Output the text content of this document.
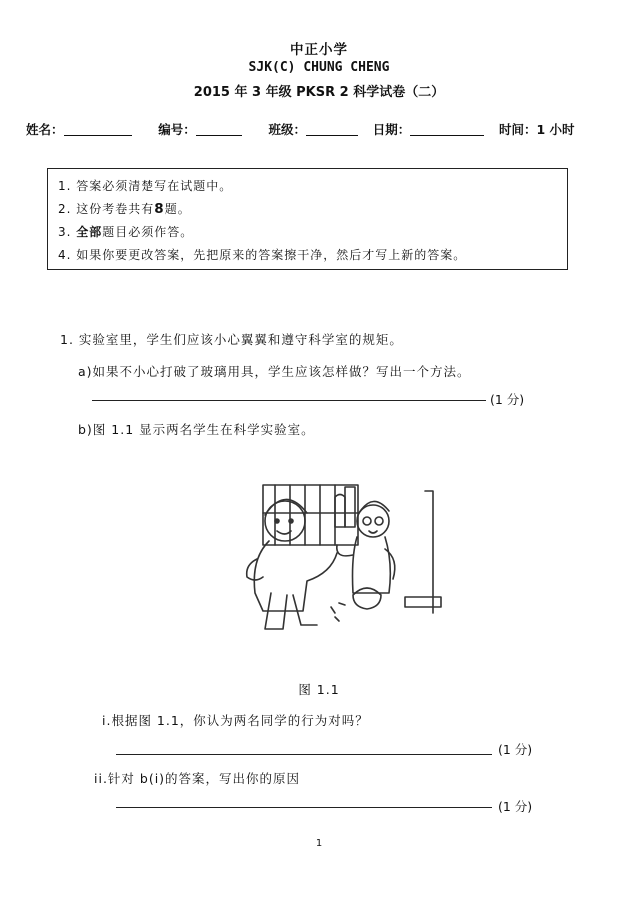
中正小学
SJK(C) CHUNG CHENG
2015 年 3 年级 PKSR 2 科学试卷（二）
姓名：	编号：	班级：	日期：	时间：1 小时
1. 答案必须清楚写在试题中。
2. 这份考卷共有8题。
3. 全部题目必须作答。
4. 如果你要更改答案，先把原来的答案擦干净，然后才写上新的答案。
1. 实验室里，学生们应该小心翼翼和遵守科学室的规矩。
a)如果不小心打破了玻璃用具，学生应该怎样做？写出一个方法。
(1 分)
b)图 1.1 显示两名学生在科学实验室。
图 1.1
i.根据图 1.1，你认为两名同学的行为对吗？
(1 分)
ii.针对 b(i)的答案，写出你的原因
(1 分)
1
